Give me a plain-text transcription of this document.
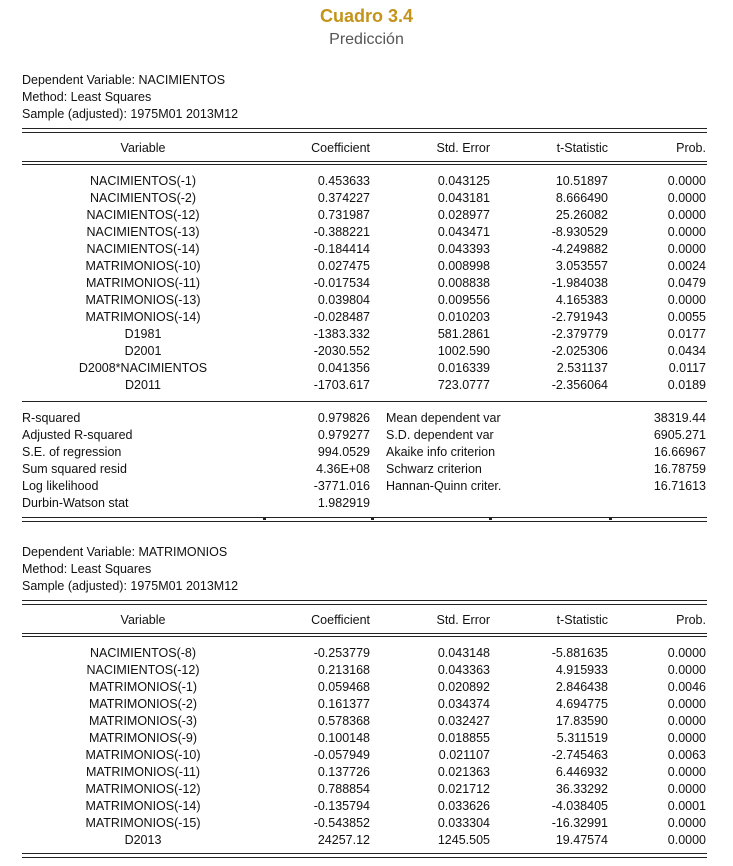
Cuadro 3.4
Predicción
Dependent Variable: NACIMIENTOS
Method: Least Squares
Sample (adjusted): 1975M01 2013M12
Variable	Coefficient	Std. Error	t-Statistic	Prob.
NACIMIENTOS(-1)	0.453633	0.043125	10.51897	0.0000
NACIMIENTOS(-2)	0.374227	0.043181	8.666490	0.0000
NACIMIENTOS(-12)	0.731987	0.028977	25.26082	0.0000
NACIMIENTOS(-13)	-0.388221	0.043471	-8.930529	0.0000
NACIMIENTOS(-14)	-0.184414	0.043393	-4.249882	0.0000
MATRIMONIOS(-10)	0.027475	0.008998	3.053557	0.0024
MATRIMONIOS(-11)	-0.017534	0.008838	-1.984038	0.0479
MATRIMONIOS(-13)	0.039804	0.009556	4.165383	0.0000
MATRIMONIOS(-14)	-0.028487	0.010203	-2.791943	0.0055
D1981	-1383.332	581.2861	-2.379779	0.0177
D2001	-2030.552	1002.590	-2.025306	0.0434
D2008*NACIMIENTOS	0.041356	0.016339	2.531137	0.0117
D2011	-1703.617	723.0777	-2.356064	0.0189
R-squared	0.979826 Mean dependent var	38319.44
Adjusted R-squared	0.979277 S.D. dependent var	6905.271
S.E. of regression	994.0529 Akaike info criterion	16.66967
Sum squared resid	4.36E+08 Schwarz criterion	16.78759
Log likelihood	-3771.016 Hannan-Quinn criter.	16.71613
Durbin-Watson stat	1.982919
Dependent Variable: MATRIMONIOS
Method: Least Squares
Sample (adjusted): 1975M01 2013M12
Variable	Coefficient	Std. Error	t-Statistic	Prob.
NACIMIENTOS(-8)	-0.253779	0.043148	-5.881635	0.0000
NACIMIENTOS(-12)	0.213168	0.043363	4.915933	0.0000
MATRIMONIOS(-1)	0.059468	0.020892	2.846438	0.0046
MATRIMONIOS(-2)	0.161377	0.034374	4.694775	0.0000
MATRIMONIOS(-3)	0.578368	0.032427	17.83590	0.0000
MATRIMONIOS(-9)	0.100148	0.018855	5.311519	0.0000
MATRIMONIOS(-10)	-0.057949	0.021107	-2.745463	0.0063
MATRIMONIOS(-11)	0.137726	0.021363	6.446932	0.0000
MATRIMONIOS(-12)	0.788854	0.021712	36.33292	0.0000
MATRIMONIOS(-14)	-0.135794	0.033626	-4.038405	0.0001
MATRIMONIOS(-15)	-0.543852	0.033304	-16.32991	0.0000
D2013	24257.12	1245.505	19.47574	0.0000
